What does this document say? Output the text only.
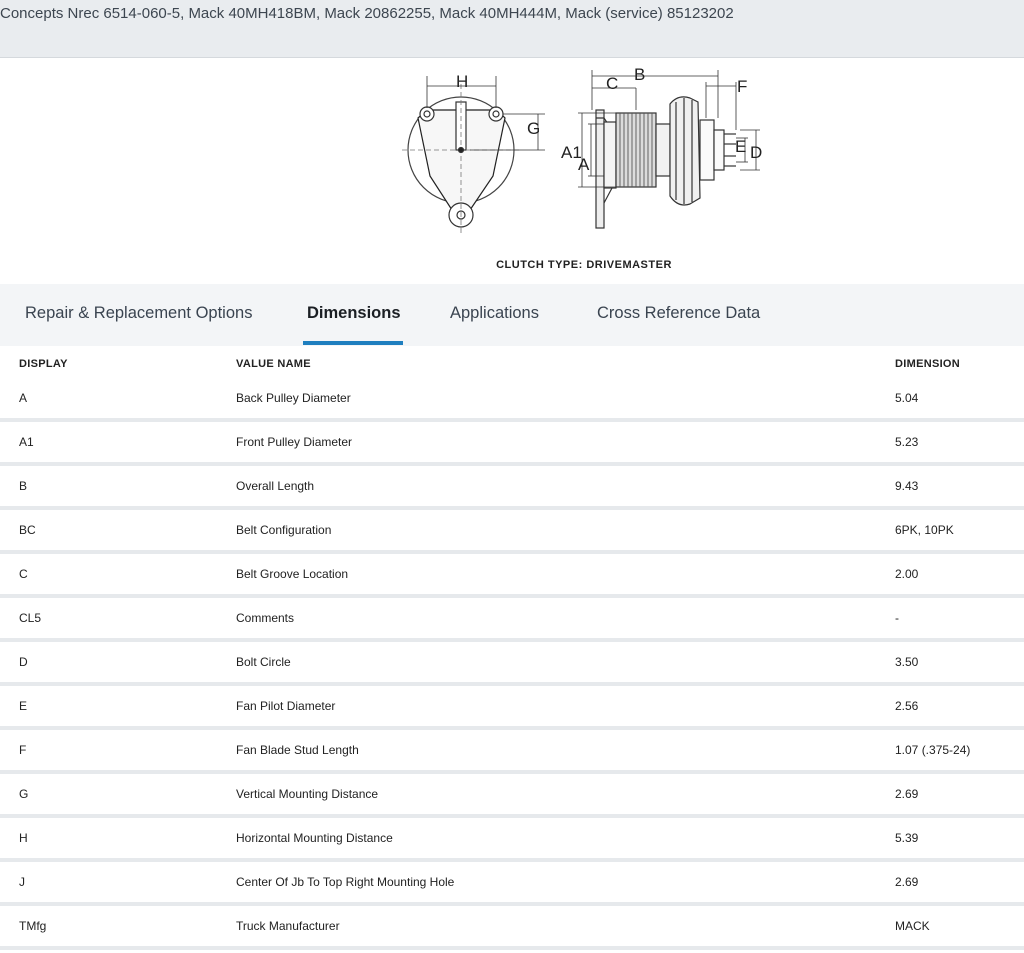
Concepts Nrec 6514-060-5, Mack 40MH418BM, Mack 20862255, Mack 40MH444M, Mack (service) 85123202
H
G
C B
F
A1
A
E D
CLUTCH TYPE: DRIVEMASTER
Repair & Replacement Options	Dimensions	Applications	Cross Reference Data
DISPLAY	VALUE NAME	DIMENSION
A	Back Pulley Diameter	5.04
A1	Front Pulley Diameter	5.23
B	Overall Length	9.43
BC	Belt Configuration	6PK, 10PK
C	Belt Groove Location	2.00
CL5	Comments	-
D	Bolt Circle	3.50
E	Fan Pilot Diameter	2.56
F	Fan Blade Stud Length	1.07 (.375-24)
G	Vertical Mounting Distance	2.69
H	Horizontal Mounting Distance	5.39
J	Center Of Jb To Top Right Mounting Hole	2.69
TMfg	Truck Manufacturer	MACK
